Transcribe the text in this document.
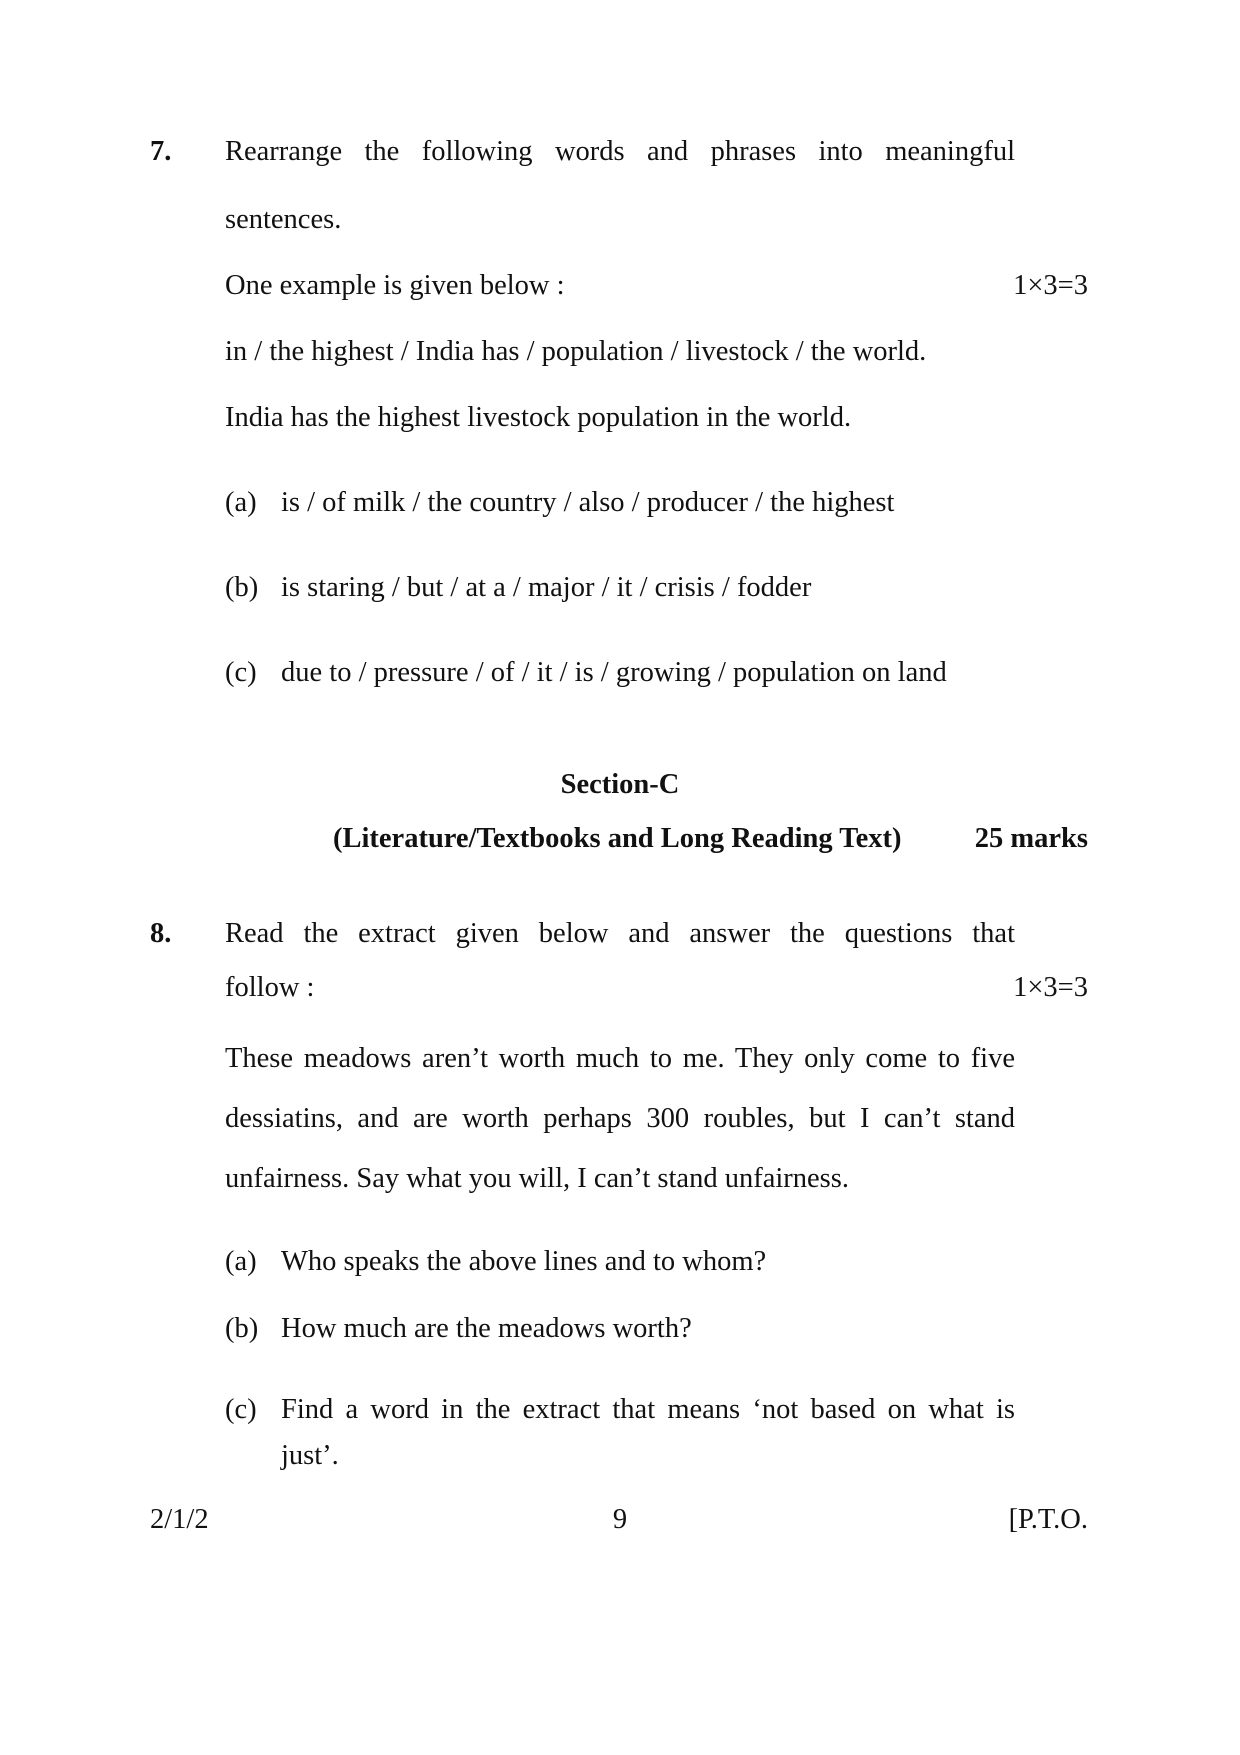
7. Rearrange the following words and phrases into meaningful
sentences.
One example is given below :	1×3=3
in / the highest / India has / population / livestock / the world.
India has the highest livestock population in the world.
(a) is / of milk / the country / also / producer / the highest
(b) is staring / but / at a / major / it / crisis / fodder
(c) due to / pressure / of / it / is / growing / population on land
Section-C
(Literature/Textbooks and Long Reading Text)	25 marks
8. Read the extract given below and answer the questions that
follow :	1×3=3
These meadows aren’t worth much to me. They only come to five
dessiatins, and are worth perhaps 300 roubles, but I can’t stand
unfairness. Say what you will, I can’t stand unfairness.
(a) Who speaks the above lines and to whom?
(b) How much are the meadows worth?
(c) Find a word in the extract that means ‘not based on what is
just’.
2/1/2	9	[P.T.O.
